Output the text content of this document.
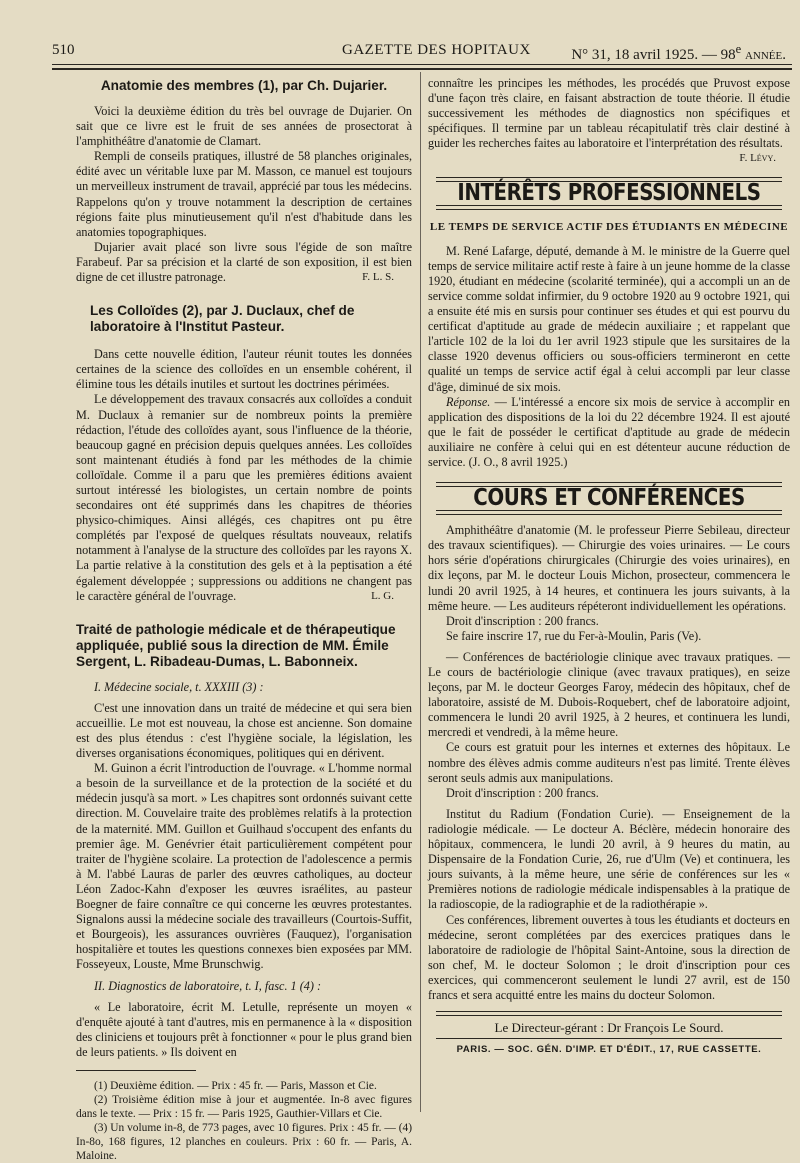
510	GAZETTE DES HOPITAUX	N° 31, 18 avril 1925. — 98e année.
Anatomie des membres (1), par Ch. Dujarier.

Voici la deuxième édition du très bel ouvrage de Dujarier. On sait que ce livre est le fruit de ses années de prosectorat à l'amphithéâtre d'anatomie de Clamart.

Rempli de conseils pratiques, illustré de 58 planches originales, édité avec un véritable luxe par M. Masson, ce manuel est toujours un merveilleux instrument de travail, apprécié par tous les médecins. Rappelons qu'on y trouve notamment la description de certaines régions faite plus minutieusement qu'il n'est d'habitude dans les anatomies topographiques.

Dujarier avait placé son livre sous l'égide de son maître Farabeuf. Par sa précision et la clarté de son exposition, il est bien digne de cet illustre patronage.	F. L. S.

Les Colloïdes (2), par J. Duclaux, chef de laboratoire à l'Institut Pasteur.

Dans cette nouvelle édition, l'auteur réunit toutes les données certaines de la science des colloïdes en un ensemble cohérent, il élimine tous les détails inutiles et surtout les doctrines périmées.

Le développement des travaux consacrés aux colloïdes a conduit M. Duclaux à remanier sur de nombreux points la première rédaction, l'étude des colloïdes ayant, sous l'influence de la théorie, beaucoup gagné en précision depuis quelques années. Les colloïdes sont maintenant étudiés à fond par les méthodes de la chimie colloïdale. Comme il a paru que les premières éditions avaient surtout intéressé les biologistes, un certain nombre de points secondaires ont été supprimés dans les chapitres de théories physico-chimiques. Ainsi allégés, ces chapitres ont pu être complétés par l'exposé de quelques résultats nouveaux, relatifs notamment à l'analyse de la structure des colloïdes par les rayons X. La partie relative à la constitution des gels et à la peptisation a été également développée ; suppressions ou additions ne changent pas le caractère général de l'ouvrage.	L. G.

Traité de pathologie médicale et de thérapeutique appliquée, publié sous la direction de MM. Émile Sergent, L. Ribadeau-Dumas, L. Babonneix.

I. Médecine sociale, t. XXXIII (3) :

C'est une innovation dans un traité de médecine et qui sera bien accueillie. Le mot est nouveau, la chose est ancienne. Son domaine est des plus étendus : c'est l'hygiène sociale, la législation, les diverses organisations économiques, politiques qui en dérivent.

M. Guinon a écrit l'introduction de l'ouvrage. « L'homme normal a besoin de la surveillance et de la protection de la société et du médecin jusqu'à sa mort. » Les chapitres sont ordonnés suivant cette direction. M. Couvelaire traite des problèmes relatifs à la protection de la maternité. MM. Guillon et Guilhaud s'occupent des enfants du premier âge. M. Genévrier était particulièrement compétent pour traiter de l'hygiène scolaire. La protection de l'adolescence a permis à M. l'abbé Lauras de parler des œuvres catholiques, au docteur Léon Zadoc-Kahn d'exposer les œuvres israélites, au pasteur Boegner de faire connaître ce qui concerne les œuvres protestantes. Signalons aussi la médecine sociale des travailleurs (Courtois-Suffit, et Bourgeois), les assurances ouvrières (Fauquez), l'organisation hospitalière et toutes les questions connexes bien exposées par MM. Fosseyeux, Louste, Mme Brunschwig.

II. Diagnostics de laboratoire, t. I, fasc. 1 (4) :

« Le laboratoire, écrit M. Letulle, représente un moyen « d'enquête ajouté à tant d'autres, mis en permanence à la « disposition des cliniciens et toujours prêt à fonctionner « pour le plus grand bien de leurs patients. » Ils doivent en

(1) Deuxième édition. — Prix : 45 fr. — Paris, Masson et Cie.

(2) Troisième édition mise à jour et augmentée. In-8 avec figures dans le texte. — Prix : 15 fr. — Paris 1925, Gauthier-Villars et Cie.

(3) Un volume in-8, de 773 pages, avec 10 figures. Prix : 45 fr. — (4) In-8o, 168 figures, 12 planches en couleurs. Prix : 60 fr. — Paris, A. Maloine.

connaître les principes les méthodes, les procédés que Pruvost expose d'une façon très claire, en faisant abstraction de toute théorie. Il étudie successivement les méthodes de diagnostics non spécifiques et spécifiques. Il termine par un tableau récapitulatif très clair destiné à guider les recherches faites au laboratoire et l'interprétation des résultats.

F. Lévy.

INTÉRÊTS PROFESSIONNELS
LE TEMPS DE SERVICE ACTIF DES ÉTUDIANTS EN MÉDECINE

M. René Lafarge, député, demande à M. le ministre de la Guerre quel temps de service militaire actif reste à faire à un jeune homme de la classe 1920, étudiant en médecine (scolarité terminée), qui a accompli un an de service comme soldat infirmier, du 9 octobre 1920 au 9 octobre 1921, qui a ensuite été mis en sursis pour continuer ses études et qui est pourvu du certificat d'aptitude au grade de médecin auxiliaire ; et rappelant que l'article 102 de la loi du 1er avril 1923 stipule que les sursitaires de la classe 1920 devenus officiers ou sous-officiers termineront en cette qualité un temps de service actif égal à celui accompli par leur classe d'âge, diminué de six mois.

Réponse. — L'intéressé a encore six mois de service à accomplir en application des dispositions de la loi du 22 décembre 1924. Il est ajouté que le fait de posséder le certificat d'aptitude au grade de médecin auxiliaire ne confère à celui qui en est détenteur aucune réduction de service. (J. O., 8 avril 1925.)

COURS ET CONFÉRENCES

Amphithéâtre d'anatomie (M. le professeur Pierre Sebileau, directeur des travaux scientifiques). — Chirurgie des voies urinaires. — Le cours hors série d'opérations chirurgicales (Chirurgie des voies urinaires), en dix leçons, par M. le docteur Louis Michon, prosecteur, commencera le lundi 20 avril 1925, à 14 heures, et continuera les jours suivants, à la même heure. — Les auditeurs répéteront individuellement les opérations.

Droit d'inscription : 200 francs.

Se faire inscrire 17, rue du Fer-à-Moulin, Paris (Ve).

— Conférences de bactériologie clinique avec travaux pratiques. — Le cours de bactériologie clinique (avec travaux pratiques), en seize leçons, par M. le docteur Georges Faroy, médecin des hôpitaux, chef de laboratoire, assisté de M. Dubois-Roquebert, chef de laboratoire adjoint, commencera le lundi 20 avril 1925, à 2 heures, et continuera les lundi, mercredi et vendredi, à la même heure.

Ce cours est gratuit pour les internes et externes des hôpitaux. Le nombre des élèves admis comme auditeurs n'est pas limité. Trente élèves seront seuls admis aux manipulations.

Droit d'inscription : 200 francs.

Institut du Radium (Fondation Curie). — Enseignement de la radiologie médicale. — Le docteur A. Béclère, médecin honoraire des hôpitaux, commencera, le lundi 20 avril, à 9 heures du matin, au Dispensaire de la Fondation Curie, 26, rue d'Ulm (Ve) et continuera, les jours suivants, à la même heure, une série de conférences sur les « Premières notions de radiologie médicale indispensables à la pratique de la radioscopie, de la radiographie et de la radiothérapie ».

Ces conférences, librement ouvertes à tous les étudiants et docteurs en médecine, seront complétées par des exercices pratiques dans le laboratoire de radiologie de l'hôpital Saint-Antoine, sous la direction de son chef, M. le docteur Solomon ; le droit d'inscription pour ces exercices, qui commenceront seulement le lundi 27 avril, est de 150 francs et sera acquitté entre les mains du docteur Solomon.

Le Directeur-gérant : Dr François Le Sourd.
PARIS. — SOC. GÉN. D'IMP. ET D'ÉDIT., 17, RUE CASSETTE.
